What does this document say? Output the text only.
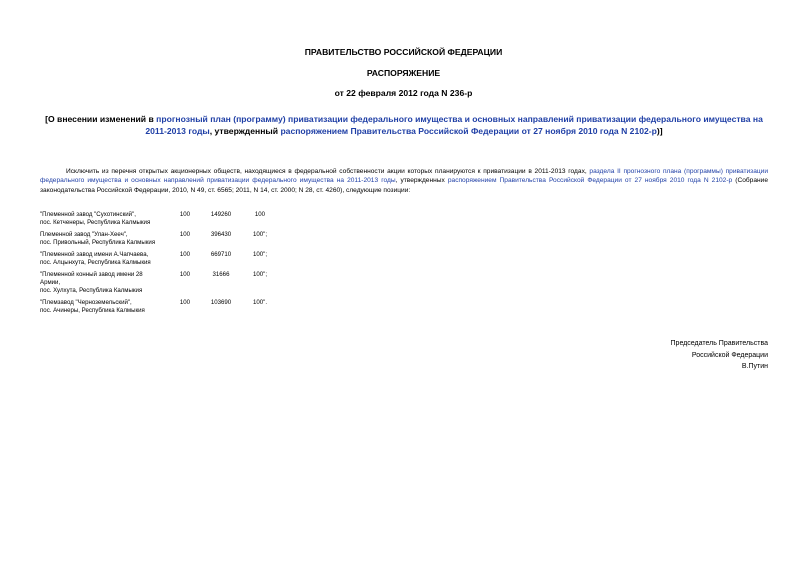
ПРАВИТЕЛЬСТВО РОССИЙСКОЙ ФЕДЕРАЦИИ
РАСПОРЯЖЕНИЕ
от 22 февраля 2012 года N 236-р
[О внесении изменений в прогнозный план (программу) приватизации федерального имущества и основных направлений приватизации федерального имущества на 2011-2013 годы, утвержденный распоряжением Правительства Российской Федерации от 27 ноября 2010 года N 2102-р)]
Исключить из перечня открытых акционерных обществ, находящиеся в федеральной собственности акции которых планируются к приватизации в 2011-2013 годах, раздела II прогнозного плана (программы) приватизации федерального имущества и основных направлений приватизации федерального имущества на 2011-2013 годы, утвержденных распоряжением Правительства Российской Федерации от 27 ноября 2010 года N 2102-р (Собрание законодательства Российской Федерации, 2010, N 49, ст. 6565; 2011, N 14, ст. 2000; N 28, ст. 4260), следующие позиции:
"Племенной завод "Сухотинский",
пос. Кетченеры, Республика Калмыкия	100	149260	100
Племенной завод "Улан-Хееч",
пос. Привольный, Республика Калмыкия	100	396430	100";
"Племенной завод имени А.Чапчаева,
пос. Алцынхута, Республика Калмыкия	100	669710	100";
"Племенной конный завод имени 28
Армии,
пос. Хулхута, Республика Калмыкия	100	31666	100";
"Племзавод "Черноземельский",
пос. Ачинеры, Республика Калмыкия	100	103690	100".
Председатель Правительства
Российской Федерации
В.Путин
